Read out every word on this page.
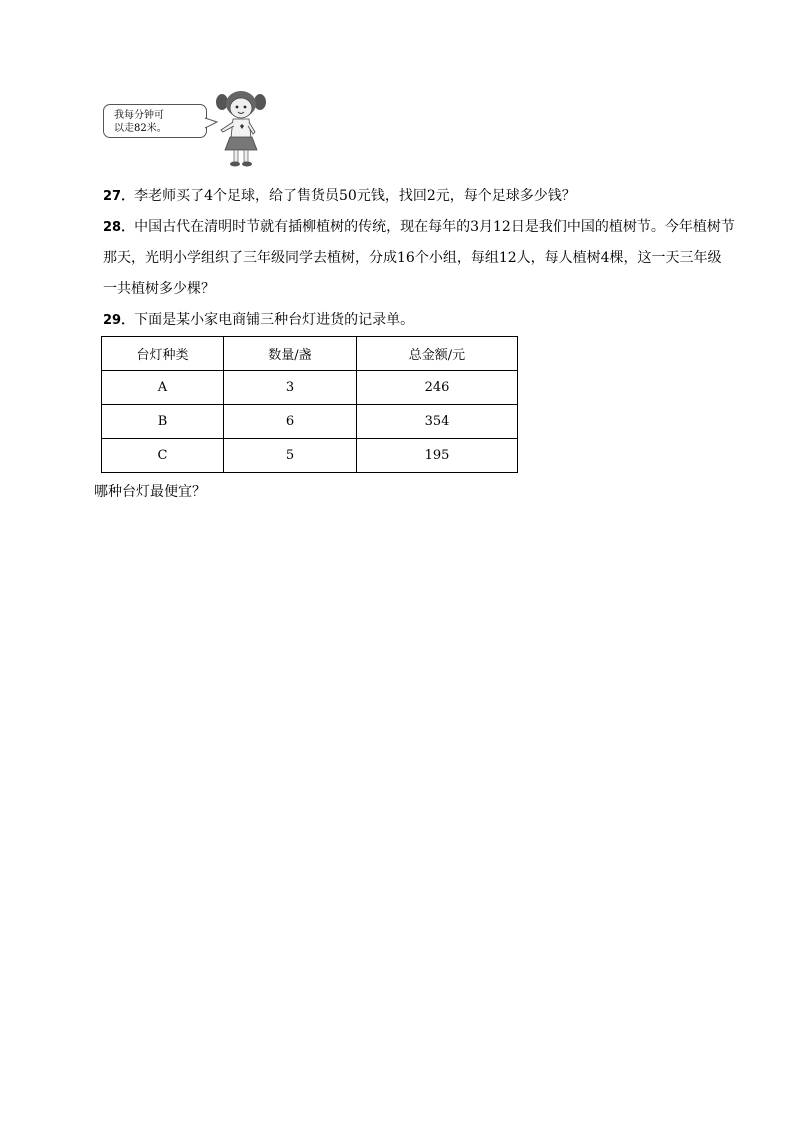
我每分钟可
以走82米。
27．李老师买了4个足球，给了售货员50元钱，找回2元，每个足球多少钱？
28．中国古代在清明时节就有插柳植树的传统，现在每年的3月12日是我们中国的植树节。今年植树节
那天，光明小学组织了三年级同学去植树，分成16个小组，每组12人，每人植树4棵，这一天三年级
一共植树多少棵？
29．下面是某小家电商铺三种台灯进货的记录单。
台灯种类	数量/盏	总金额/元
A	3	246
B	6	354
C	5	195
哪种台灯最便宜？
